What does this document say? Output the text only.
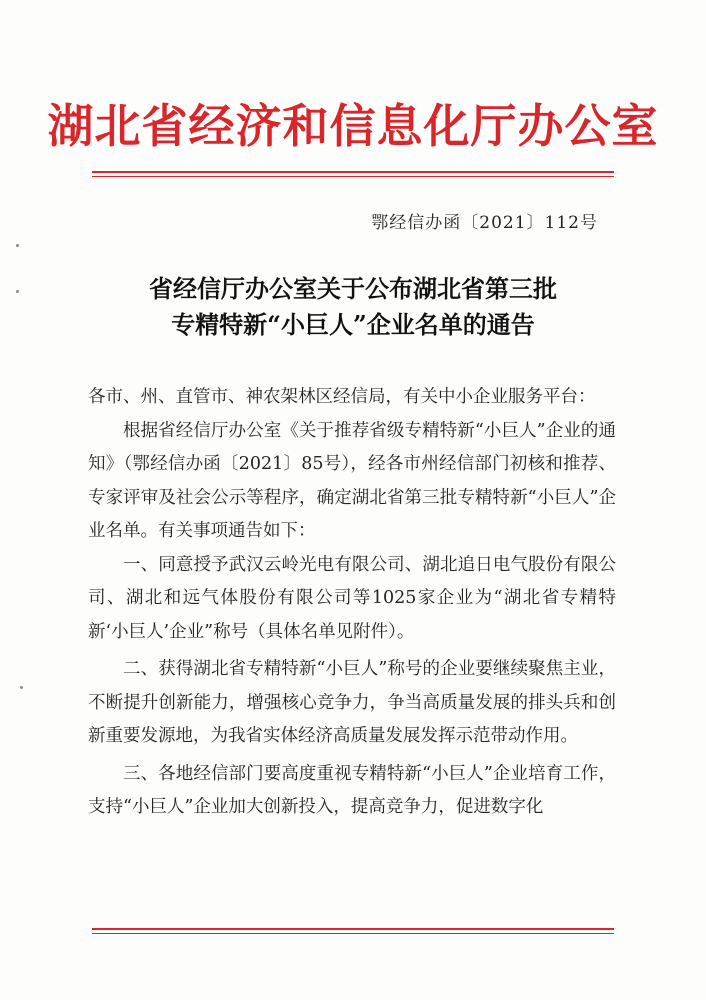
湖北省经济和信息化厅办公室
鄂经信办函〔2021〕112号
省经信厅办公室关于公布湖北省第三批
专精特新“小巨人”企业名单的通告

各市、州、直管市、神农架林区经信局，有关中小企业服务平台：

根据省经信厅办公室《关于推荐省级专精特新“小巨人”企业的通知》（鄂经信办函〔2021〕85号），经各市州经信部门初核和推荐、专家评审及社会公示等程序，确定湖北省第三批专精特新“小巨人”企业名单。有关事项通告如下：

一、同意授予武汉云岭光电有限公司、湖北追日电气股份有限公司、湖北和远气体股份有限公司等1025家企业为“湖北省专精特新‘小巨人’企业”称号（具体名单见附件）。

二、获得湖北省专精特新“小巨人”称号的企业要继续聚焦主业，不断提升创新能力，增强核心竞争力，争当高质量发展的排头兵和创新重要发源地，为我省实体经济高质量发展发挥示范带动作用。

三、各地经信部门要高度重视专精特新“小巨人”企业培育工作，支持“小巨人”企业加大创新投入，提高竞争力，促进数字化
